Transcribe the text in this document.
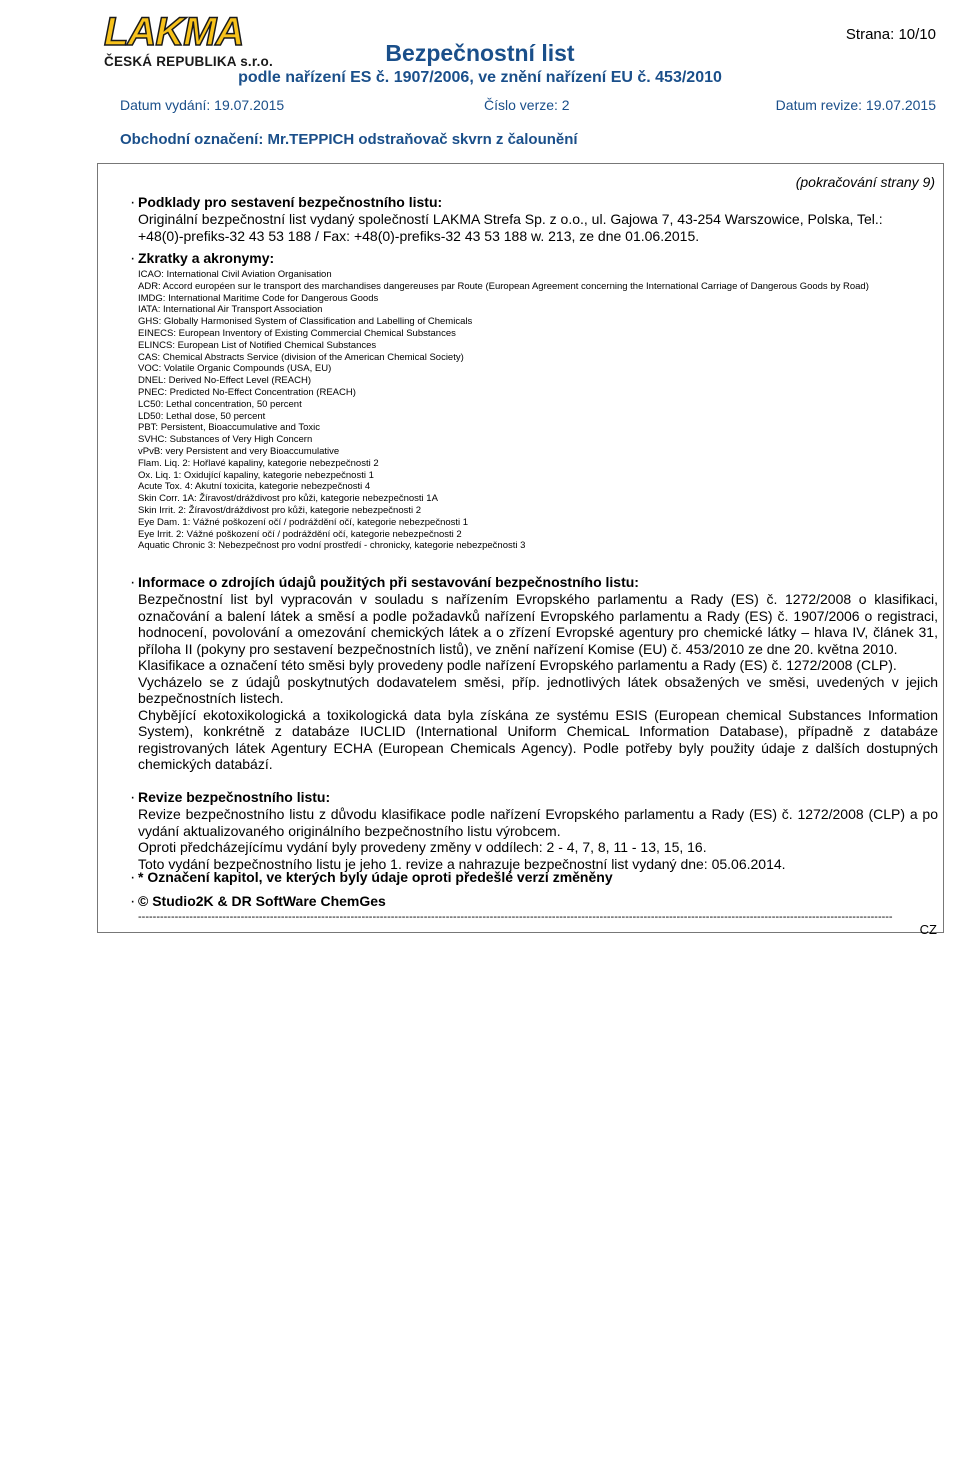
LAKMA
ČESKÁ REPUBLIKA s.r.o.
Strana: 10/10
Bezpečnostní list
podle nařízení ES č. 1907/2006, ve znění nařízení EU č. 453/2010
Datum vydání: 19.07.2015	Číslo verze: 2	Datum revize: 19.07.2015
Obchodní označení: Mr.TEPPICH odstraňovač skvrn z čalounění
(pokračování strany 9)
· Podklady pro sestavení bezpečnostního listu:
Originální bezpečnostní list vydaný společností LAKMA Strefa Sp. z o.o., ul. Gajowa 7, 43-254 Warszowice, Polska, Tel.:
+48(0)-prefiks-32 43 53 188 / Fax: +48(0)-prefiks-32 43 53 188 w. 213, ze dne 01.06.2015.
· Zkratky a akronymy:
ICAO: International Civil Aviation Organisation
ADR: Accord européen sur le transport des marchandises dangereuses par Route (European Agreement concerning the International Carriage of Dangerous Goods by Road)
IMDG: International Maritime Code for Dangerous Goods
IATA: International Air Transport Association
GHS: Globally Harmonised System of Classification and Labelling of Chemicals
EINECS: European Inventory of Existing Commercial Chemical Substances
ELINCS: European List of Notified Chemical Substances
CAS: Chemical Abstracts Service (division of the American Chemical Society)
VOC: Volatile Organic Compounds (USA, EU)
DNEL: Derived No-Effect Level (REACH)
PNEC: Predicted No-Effect Concentration (REACH)
LC50: Lethal concentration, 50 percent
LD50: Lethal dose, 50 percent
PBT: Persistent, Bioaccumulative and Toxic
SVHC: Substances of Very High Concern
vPvB: very Persistent and very Bioaccumulative
Flam. Liq. 2: Hořlavé kapaliny, kategorie nebezpečnosti 2
Ox. Liq. 1: Oxidující kapaliny, kategorie nebezpečnosti 1
Acute Tox. 4: Akutní toxicita, kategorie nebezpečnosti 4
Skin Corr. 1A: Žíravost/dráždivost pro kůži, kategorie nebezpečnosti 1A
Skin Irrit. 2: Žíravost/dráždivost pro kůži, kategorie nebezpečnosti 2
Eye Dam. 1: Vážné poškození očí / podráždění očí, kategorie nebezpečnosti 1
Eye Irrit. 2: Vážné poškození očí / podráždění očí, kategorie nebezpečnosti 2
Aquatic Chronic 3: Nebezpečnost pro vodní prostředí - chronicky, kategorie nebezpečnosti 3
· Informace o zdrojích údajů použitých při sestavování bezpečnostního listu:
Bezpečnostní list byl vypracován v souladu s nařízením Evropského parlamentu a Rady (ES) č. 1272/2008 o klasifikaci, označování a balení látek a směsí a podle požadavků nařízení Evropského parlamentu a Rady (ES) č. 1907/2006 o registraci, hodnocení, povolování a omezování chemických látek a o zřízení Evropské agentury pro chemické látky – hlava IV, článek 31, příloha II (pokyny pro sestavení bezpečnostních listů), ve znění nařízení Komise (EU) č. 453/2010 ze dne 20. května 2010.
Klasifikace a označení této směsi byly provedeny podle nařízení Evropského parlamentu a Rady (ES) č. 1272/2008 (CLP).
Vycházelo se z údajů poskytnutých dodavatelem směsi, příp. jednotlivých látek obsažených ve směsi, uvedených v jejich bezpečnostních listech.
Chybějící ekotoxikologická a toxikologická data byla získána ze systému ESIS (European chemical Substances Information System), konkrétně z databáze IUCLID (International Uniform ChemicaL Information Database), případně z databáze registrovaných látek Agentury ECHA (European Chemicals Agency). Podle potřeby byly použity údaje z dalších dostupných chemických databází.
· Revize bezpečnostního listu:
Revize bezpečnostního listu z důvodu klasifikace podle nařízení Evropského parlamentu a Rady (ES) č. 1272/2008 (CLP) a po vydání aktualizovaného originálního bezpečnostního listu výrobcem.
Oproti předcházejícímu vydání byly provedeny změny v oddílech: 2 - 4, 7, 8, 11 - 13, 15, 16.
Toto vydání bezpečnostního listu je jeho 1. revize a nahrazuje bezpečnostní list vydaný dne: 05.06.2014.
· * Označení kapitol, ve kterých byly údaje oproti předešlé verzi změněny
· © Studio2K & DR SoftWare ChemGes
--------------------------------------------------------------------------------------------------------------------------------------------------------------------------------------------------------------
CZ
